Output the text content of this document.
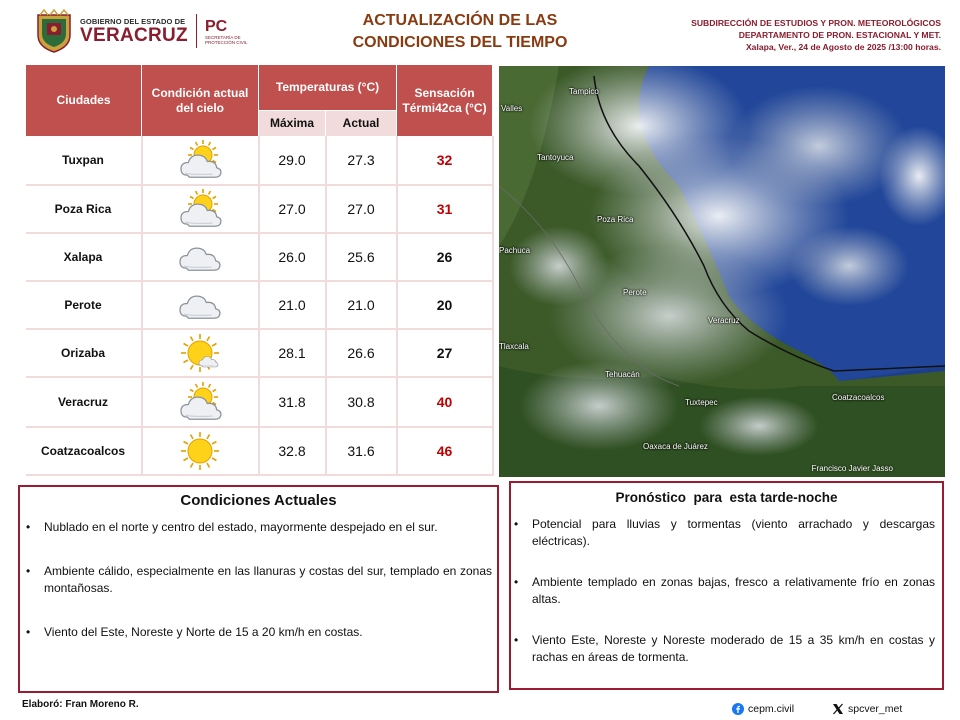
GOBIERNO DEL ESTADO DE
VERACRUZ PC
SECRETARÍA DE
PROTECCIÓN CIVIL
ACTUALIZACIÓN DE LAS
CONDICIONES DEL TIEMPO
SUBDIRECCIÓN DE ESTUDIOS Y PRON. METEOROLÓGICOS
DEPARTAMENTO DE PRON. ESTACIONAL Y MET.
Xalapa, Ver., 24 de Agosto de 2025 /13:00 horas.
Ciudades	Condición actual del cielo	Temperaturas (°C)		Sensación Térmi42ca (°C)
		Máxima	Actual	
Tuxpan		29.0	27.3	32
Poza Rica		27.0	27.0	31
Xalapa		26.0	25.6	26
Perote		21.0	21.0	20
Orizaba		28.1	26.6	27
Veracruz		31.8	30.8	40
Coatzacoalcos		32.8	31.6	46
Tampico
Valles
Tantoyuca
Poza Rica
Pachuca
Perote
Veracruz
Tlaxcala
Tehuacán
Tuxtepec
Coatzacoalcos
Oaxaca de Juárez
Francisco Javier Jasso
Condiciones Actuales
• Nublado en el norte y centro del estado, mayormente despejado en el sur.
• Ambiente cálido, especialmente en las llanuras y costas del sur, templado en zonas montañosas.
• Viento del Este, Noreste y Norte de 15 a 20 km/h en costas.
Pronóstico  para  esta tarde-noche
• Potencial para lluvias y tormentas (viento arrachado y descargas eléctricas).
• Ambiente templado en zonas bajas, fresco a relativamente frío en zonas altas.
• Viento Este, Noreste y Noreste moderado de 15 a 35 km/h en costas y rachas en áreas de tormenta.
Elaboró: Fran Moreno R.	cepm.civil	spcver_met
